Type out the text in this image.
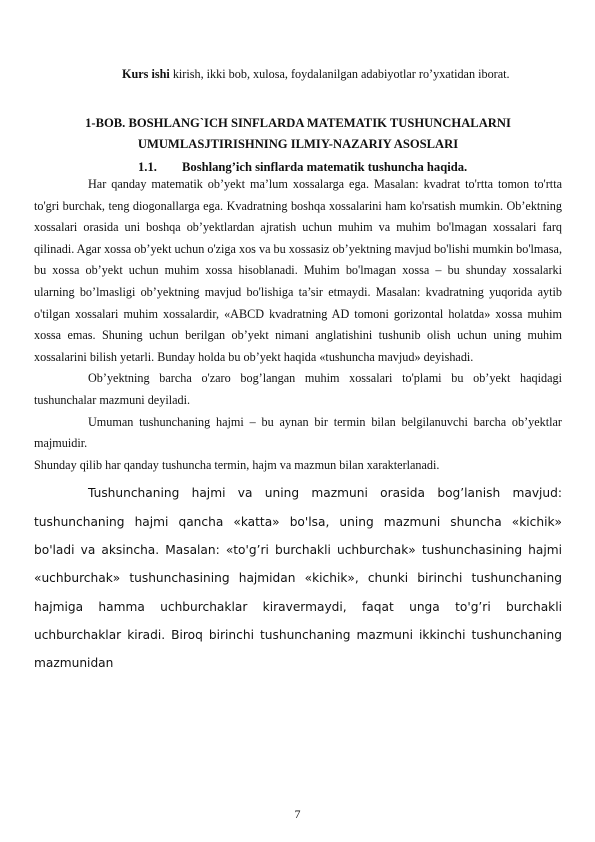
Kurs ishi kirish, ikki bob, xulosa, foydalanilgan adabiyotlar ro’yxatidan iborat.

1-BOB. BOSHLANG`ICH SINFLARDA MATEMATIK TUSHUNCHALARNI
UMUMLASJTIRISHNING ILMIY-NAZARIY ASOSLARI
1.1. Boshlang’ich sinflarda matematik tushuncha haqida.

Har qanday matematik ob’yekt ma’lum xossalarga ega. Masalan: kvadrat to'rtta tomon to'rtta to'gri burchak, teng diogonallarga ega. Kvadratning boshqa xossalarini ham ko'rsatish mumkin. Ob’ektning xossalari orasida uni boshqa ob’yektlardan ajratish uchun muhim va muhim bo'lmagan xossalari farq qilinadi. Agar xossa ob’yekt uchun o'ziga xos va bu xossasiz ob’yektning mavjud bo'lishi mumkin bo'lmasa, bu xossa ob’yekt uchun muhim xossa hisoblanadi. Muhim bo'lmagan xossa – bu shunday xossalarki ularning bo’lmasligi ob’yektning mavjud bo'lishiga ta’sir etmaydi. Masalan: kvadratning yuqorida aytib o'tilgan xossalari muhim xossalardir, «ABCD kvadratning AD tomoni gorizontal holatda» xossa muhim xossa emas. Shuning uchun berilgan ob’yekt nimani anglatishini tushunib olish uchun uning muhim xossalarini bilish yetarli. Bunday holda bu ob’yekt haqida «tushuncha mavjud» deyishadi.

Ob’yektning barcha o'zaro bog’langan muhim xossalari to'plami bu ob’yekt haqidagi tushunchalar mazmuni deyiladi.

Umuman tushunchaning hajmi – bu aynan bir termin bilan belgilanuvchi barcha ob’yektlar majmuidir.

Shunday qilib har qanday tushuncha termin, hajm va mazmun bilan xarakterlanadi.

Tushunchaning hajmi va uning mazmuni orasida bog’lanish mavjud: tushunchaning hajmi qancha «katta» bo'lsa, uning mazmuni shuncha «kichik» bo'ladi va aksincha. Masalan: «to'g’ri burchakli uchburchak» tushunchasining hajmi «uchburchak» tushunchasining hajmidan «kichik», chunki birinchi tushunchaning hajmiga hamma uchburchaklar kiravermaydi, faqat unga to'g’ri burchakli uchburchaklar kiradi. Biroq birinchi tushunchaning mazmuni ikkinchi tushunchaning mazmunidan

7
